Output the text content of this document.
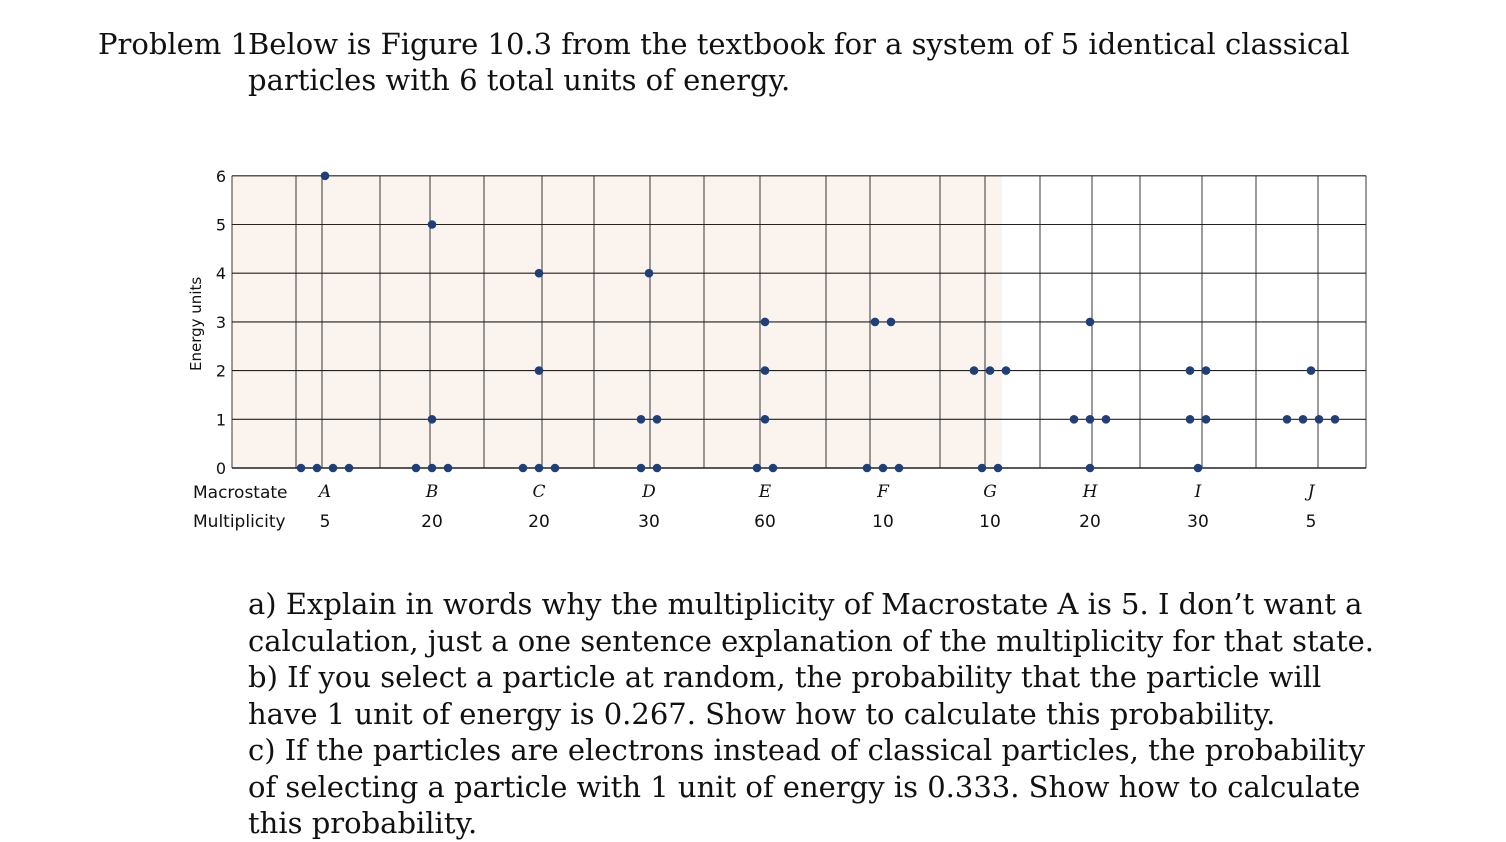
Problem 1
Below is Figure 10.3 from the textbook for a system of 5 identical classical particles with 6 total units of energy.
0
1
2
3
4
5
6
Energy units
Macrostate
Multiplicity
A
5
B
20
C
20
D
30
E
60
F
10
G
10
H
20
I
30
J
5

a) Explain in words why the multiplicity of Macrostate A is 5. I don’t want a calculation, just a one sentence explanation of the multiplicity for that state.

b) If you select a particle at random, the probability that the particle will have 1 unit of energy is 0.267. Show how to calculate this probability.

c) If the particles are electrons instead of classical particles, the probability of selecting a particle with 1 unit of energy is 0.333. Show how to calculate this probability.
